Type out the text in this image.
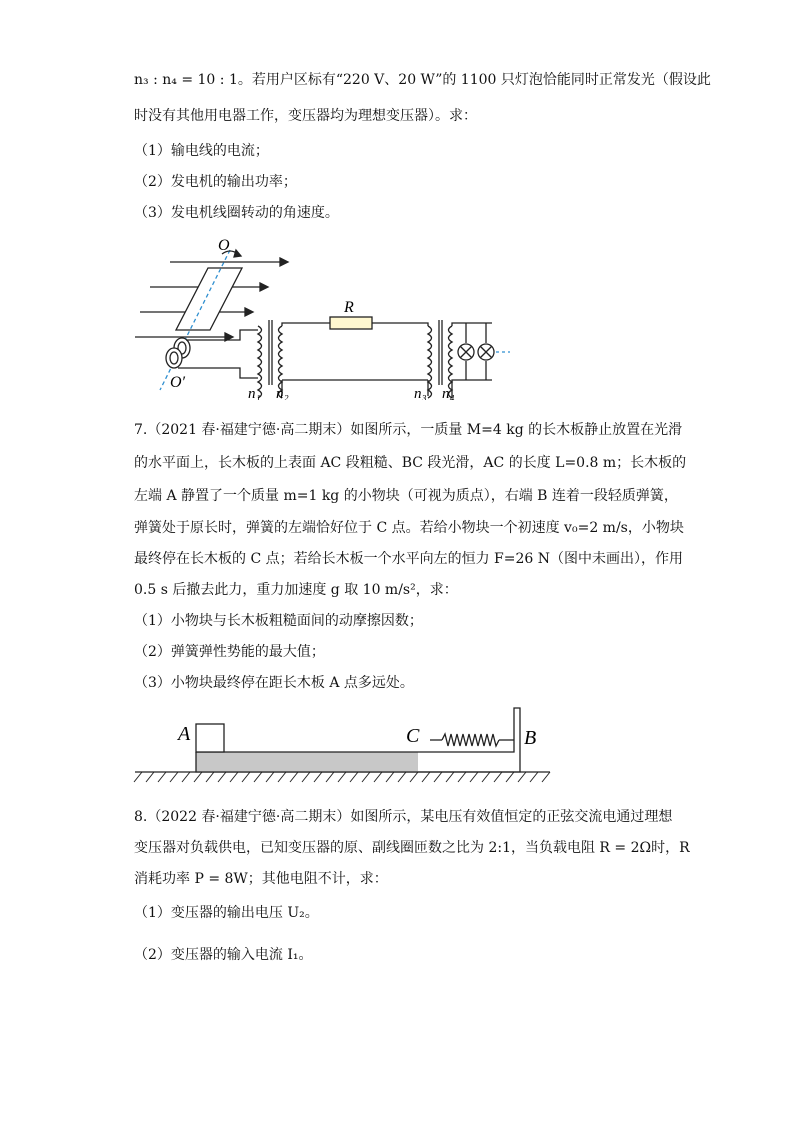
n₃ : n₄ = 10 : 1。若用户区标有“220 V、20 W”的 1100 只灯泡恰能同时正常发光（假设此
时没有其他用电器工作，变压器均为理想变压器）。求：
（1）输电线的电流；
（2）发电机的输出功率；
（3）发电机线圈转动的角速度。
O
O′
R
n₁ n₂	n₃ n₄
7.（2021 春·福建宁德·高二期末）如图所示，一质量 M=4 kg 的长木板静止放置在光滑
的水平面上，长木板的上表面 AC 段粗糙、BC 段光滑，AC 的长度 L=0.8 m；长木板的
左端 A 静置了一个质量 m=1 kg 的小物块（可视为质点），右端 B 连着一段轻质弹簧，
弹簧处于原长时，弹簧的左端恰好位于 C 点。若给小物块一个初速度 v₀=2 m/s，小物块
最终停在长木板的 C 点；若给长木板一个水平向左的恒力 F=26 N（图中未画出），作用
0.5 s 后撤去此力，重力加速度 g 取 10 m/s²，求：
（1）小物块与长木板粗糙面间的动摩擦因数；
（2）弹簧弹性势能的最大值；
（3）小物块最终停在距长木板 A 点多远处。
A	C	B
8.（2022 春·福建宁德·高二期末）如图所示，某电压有效值恒定的正弦交流电通过理想
变压器对负载供电，已知变压器的原、副线圈匝数之比为 2:1，当负载电阻 R = 2Ω时，R
消耗功率 P = 8W；其他电阻不计，求：
（1）变压器的输出电压 U₂。
（2）变压器的输入电流 I₁。
